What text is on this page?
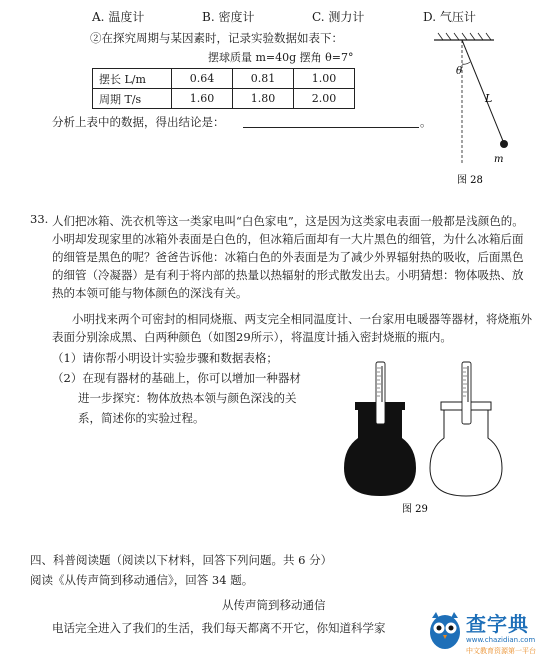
A. 温度计	B. 密度计	C. 测力计	D. 气压计
②在探究周期与某因素时，记录实验数据如表下：
摆球质量 m=40g 摆角 θ=7°
摆长 L/m	0.64	0.81	1.00
周期 T/s	1.60	1.80	2.00
分析上表中的数据，得出结论是：	。
θ
L
m
图 28
33. 人们把冰箱、洗衣机等这一类家电叫“白色家电”，这是因为这类家电表面一般都是浅颜色的。小明却发现家里的冰箱外表面是白色的，但冰箱后面却有一大片黑色的细管，为什么冰箱后面的细管是黑色的呢？爸爸告诉他：冰箱白色的外表面是为了减少外界辐射热的吸收，后面黑色的细管（冷凝器）是有利于将内部的热量以热辐射的形式散发出去。小明猜想：物体吸热、放热的本领可能与物体颜色的深浅有关。
小明找来两个可密封的相同烧瓶、两支完全相同温度计、一台家用电暖器等器材，将烧瓶外表面分别涂成黑、白两种颜色（如图29所示），将温度计插入密封烧瓶的瓶内。
（1）请你帮小明设计实验步骤和数据表格；
（2）在现有器材的基础上，你可以增加一种器材
进一步探究：物体放热本领与颜色深浅的关
系，简述你的实验过程。
图 29
四、科普阅读题（阅读以下材料，回答下列问题。共 6 分）
阅读《从传声筒到移动通信》，回答 34 题。
从传声筒到移动通信
电话完全进入了我们的生活，我们每天都离不开它，你知道科学家	查字典
www.chazidian.com
中文教育资源第一平台
